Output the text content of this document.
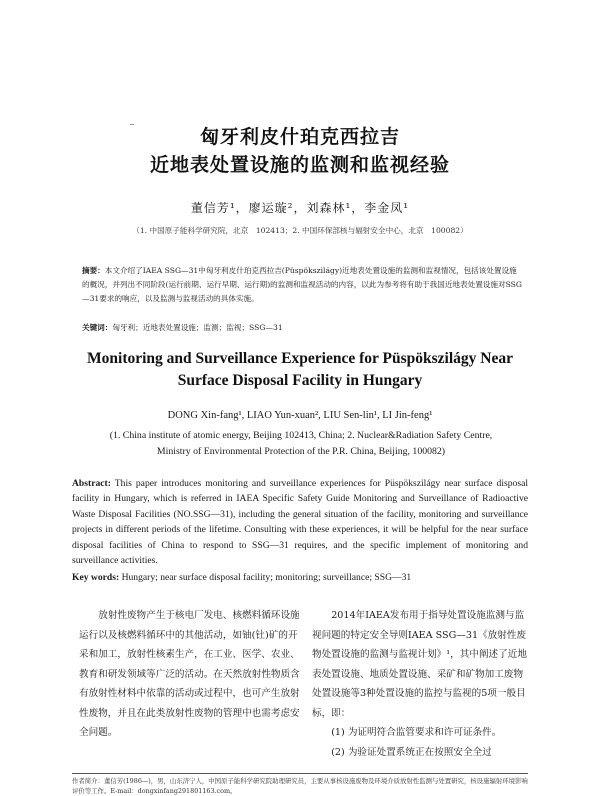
匈牙利皮什珀克西拉吉
近地表处置设施的监测和监视经验
董信芳¹，廖运璇²，刘森林¹，李金凤¹
（1. 中国原子能科学研究院，北京　102413；2. 中国环保部核与辐射安全中心，北京　100082）
摘要：本文介绍了IAEA SSG—31中匈牙利皮什珀克西拉吉(Püspökszilágy)近地表处置设施的监测和监视情况，包括该处置设施的概况，并列出不同阶段(运行前期、运行早期、运行期)的监测和监视活动的内容，以此为参考将有助于我国近地表处置设施对SSG—31要求的响应，以及监测与监视活动的具体实施。
关键词：匈牙利；近地表处置设施；监测；监视；SSG—31
Monitoring and Surveillance Experience for Püspökszilágy Near
Surface Disposal Facility in Hungary
DONG Xin-fang¹, LIAO Yun-xuan², LIU Sen-lin¹, LI Jin-feng¹
(1. China institute of atomic energy, Beijing 102413, China; 2. Nuclear&Radiation Safety Centre,
Ministry of Environmental Protection of the P.R. China, Beijing, 100082)
Abstract: This paper introduces monitoring and surveillance experiences for Püspökszilágy near surface disposal facility in Hungary, which is referred in IAEA Specific Safety Guide Monitoring and Surveillance of Radioactive Waste Disposal Facilities (NO.SSG—31), including the general situation of the facility, monitoring and surveillance projects in different periods of the lifetime. Consulting with these experiences, it will be helpful for the near surface disposal facilities of China to respond to SSG—31 requires, and the specific implement of monitoring and surveillance activities.
Key words: Hungary; near surface disposal facility; monitoring; surveillance; SSG—31
放射性废物产生于核电厂发电、核燃料循环设施运行以及核燃料循环中的其他活动，如铀(钍)矿的开采和加工，放射性核素生产，在工业、医学、农业、教育和研发领域等广泛的活动。在天然放射性物质含有放射性材料中依靠的活动或过程中，也可产生放射性废物，并且在此类放射性废物的管理中也需考虑安全问题。

2014年IAEA发布用于指导处置设施监测与监视问题的特定安全导则IAEA SSG—31《放射性废物处置设施的监测与监视计划》¹，其中阐述了近地表处置设施、地质处置设施、采矿和矿物加工废物处置设施等3种处置设施的监控与监视的5项一般目标，即：

(1) 为证明符合监管要求和许可证条件。

(2) 为验证处置系统正在按照安全全过

作者简介：董信芳(1986—)，男，山东济宁人，中国原子能科学研究院助理研究员，主要从事核设施废物及环境介质放射性监测与处置研究，核设施辐射环境影响评价等工作。E-mail：dongxinfang291801163.com。
